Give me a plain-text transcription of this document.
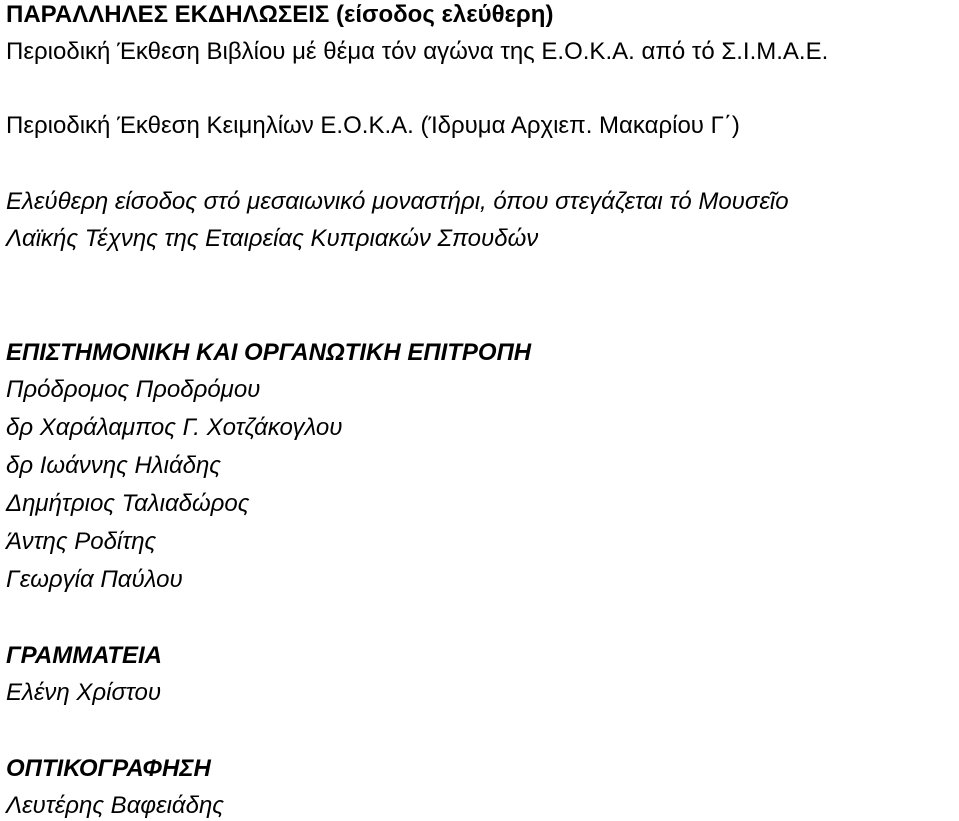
ΠΑΡΑΛΛΗΛΕΣ ΕΚΔΗΛΩΣΕΙΣ (είσοδος ελεύθερη)
Περιοδική Έκθεση Βιβλίου μέ θέμα τόν αγώνα της Ε.Ο.Κ.Α. από τό Σ.Ι.Μ.Α.Ε.
Περιοδική Έκθεση Κειμηλίων Ε.Ο.Κ.Α. (Ίδρυμα Αρχιεπ. Μακαρίου Γ΄)
Ελεύθερη είσοδος στό μεσαιωνικό μοναστήρι, όπου στεγάζεται τό Μουσεῖο
Λαϊκής Τέχνης της Εταιρείας Κυπριακών Σπουδών
ΕΠΙΣΤΗΜΟΝΙΚΗ ΚΑΙ ΟΡΓΑΝΩΤΙΚΗ ΕΠΙΤΡΟΠΗ
Πρόδρομος Προδρόμου
δρ Χαράλαμπος Γ. Χοτζάκογλου
δρ Ιωάννης Ηλιάδης
Δημήτριος Ταλιαδώρος
Άντης Ροδίτης
Γεωργία Παύλου
ΓΡΑΜΜΑΤΕΙΑ
Ελένη Χρίστου
ΟΠΤΙΚΟΓΡΑΦΗΣΗ
Λευτέρης Βαφειάδης
